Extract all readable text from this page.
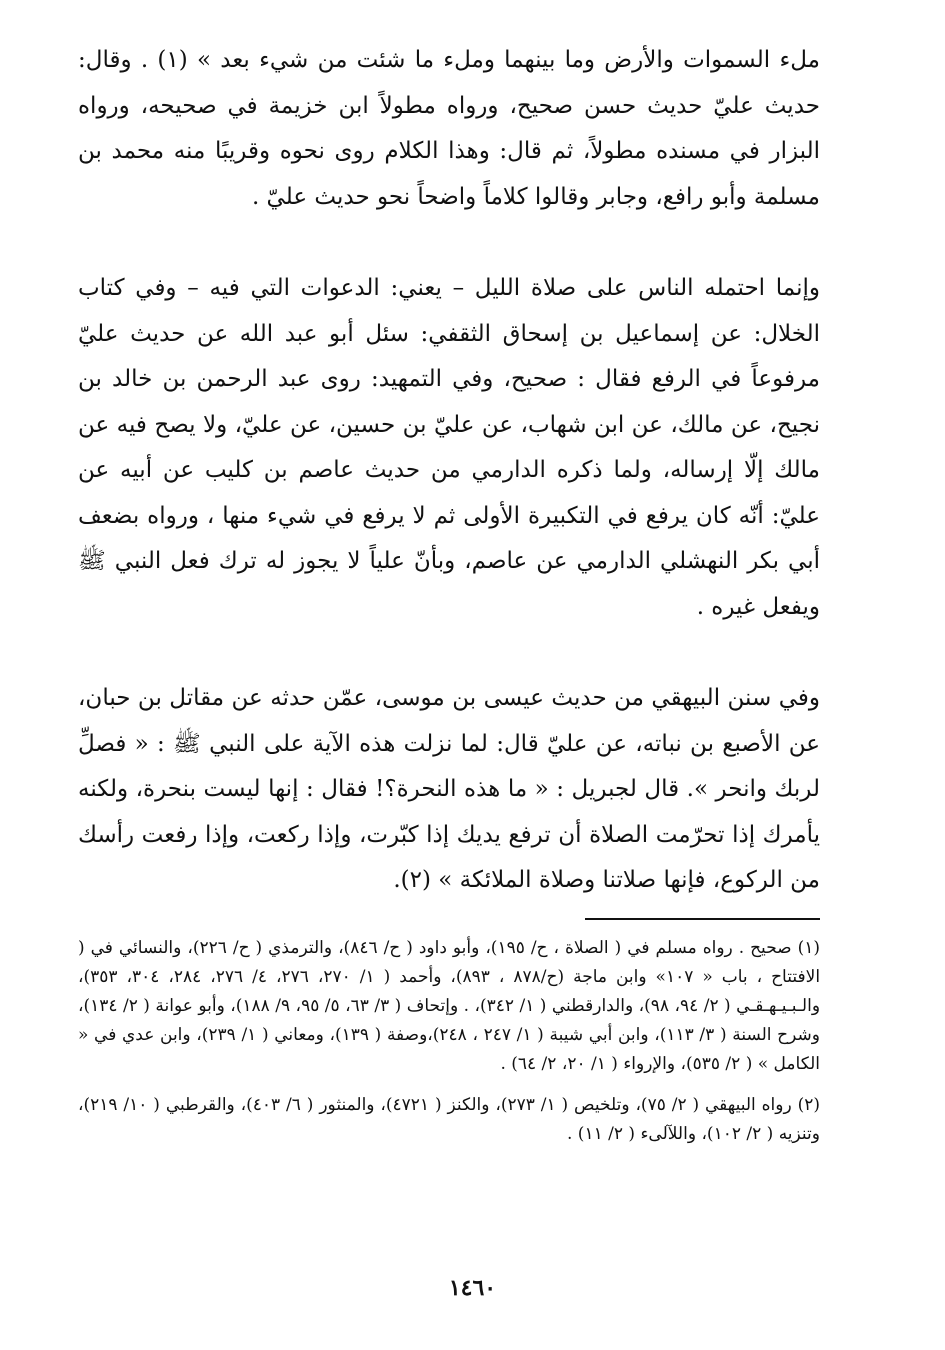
ملء السموات والأرض وما بينهما وملء ما شئت من شيء بعد » (١) . وقال: حديث عليّ حديث حسن صحيح، ورواه مطولاً ابن خزيمة في صحيحه، ورواه البزار في مسنده مطولاً، ثم قال: وهذا الكلام روى نحوه وقريبًا منه محمد بن مسلمة وأبو رافع، وجابر وقالوا كلاماً واضحاً نحو حديث عليّ .

وإنما احتمله الناس على صلاة الليل – يعني: الدعوات التي فيه – وفي كتاب الخلال: عن إسماعيل بن إسحاق الثقفي: سئل أبو عبد الله عن حديث عليّ مرفوعاً في الرفع فقال : صحيح، وفي التمهيد: روى عبد الرحمن بن خالد بن نجيح، عن مالك، عن ابن شهاب، عن عليّ بن حسين، عن عليّ، ولا يصح فيه عن مالك إلّا إرساله، ولما ذكره الدارمي من حديث عاصم بن كليب عن أبيه عن عليّ: أنّه كان يرفع في التكبيرة الأولى ثم لا يرفع في شيء منها ، ورواه بضعف أبي بكر النهشلي الدارمي عن عاصم، وبأنّ علياً لا يجوز له ترك فعل النبي ﷺ ويفعل غيره .

وفي سنن البيهقي من حديث عيسى بن موسى، عمّن حدثه عن مقاتل بن حبان، عن الأصبع بن نباته، عن عليّ قال: لما نزلت هذه الآية على النبي ﷺ : « فصلِّ لربك وانحر ». قال لجبريل : « ما هذه النحرة؟! فقال : إنها ليست بنحرة، ولكنه يأمرك إذا تحرّمت الصلاة أن ترفع يديك إذا كبّرت، وإذا ركعت، وإذا رفعت رأسك من الركوع، فإنها صلاتنا وصلاة الملائكة » (٢).

(١) صحيح . رواه مسلم في ( الصلاة ، ح/ ١٩٥)، وأبو داود ( ح/ ٨٤٦)، والترمذي ( ح/ ٢٢٦)، والنسائي في ( الافتتاح ، باب « ١٠٧» وابن ماجة (ح/٨٧٨ ، ٨٩٣)، وأحمد ( ١/ ٢٧٠، ٢٧٦، ٤/ ٢٧٦، ٢٨٤، ٣٠٤، ٣٥٣)، والـبـيـهـقـي ( ٢/ ٩٤، ٩٨)، والدارقطني ( ١/ ٣٤٢)، . وإتحاف ( ٣/ ٦٣، ٥/ ٩٥، ٩/ ١٨٨)، وأبو عوانة ( ٢/ ١٣٤)، وشرح السنة ( ٣/ ١١٣)، وابن أبي شيبة ( ١/ ٢٤٧ ، ٢٤٨)،وصفة ( ١٣٩)، ومعاني ( ١/ ٢٣٩)، وابن عدي في « الكامل » ( ٢/ ٥٣٥)، والإرواء ( ١/ ٢٠، ٢/ ٦٤) .

(٢) رواه البيهقي ( ٢/ ٧٥)، وتلخيص ( ١/ ٢٧٣)، والكنز ( ٤٧٢١)، والمنثور ( ٦/ ٤٠٣)، والقرطبي ( ١٠/ ٢١٩)، وتنزيه ( ٢/ ١٠٢)، واللآلىء ( ٢/ ١١) .

١٤٦٠
